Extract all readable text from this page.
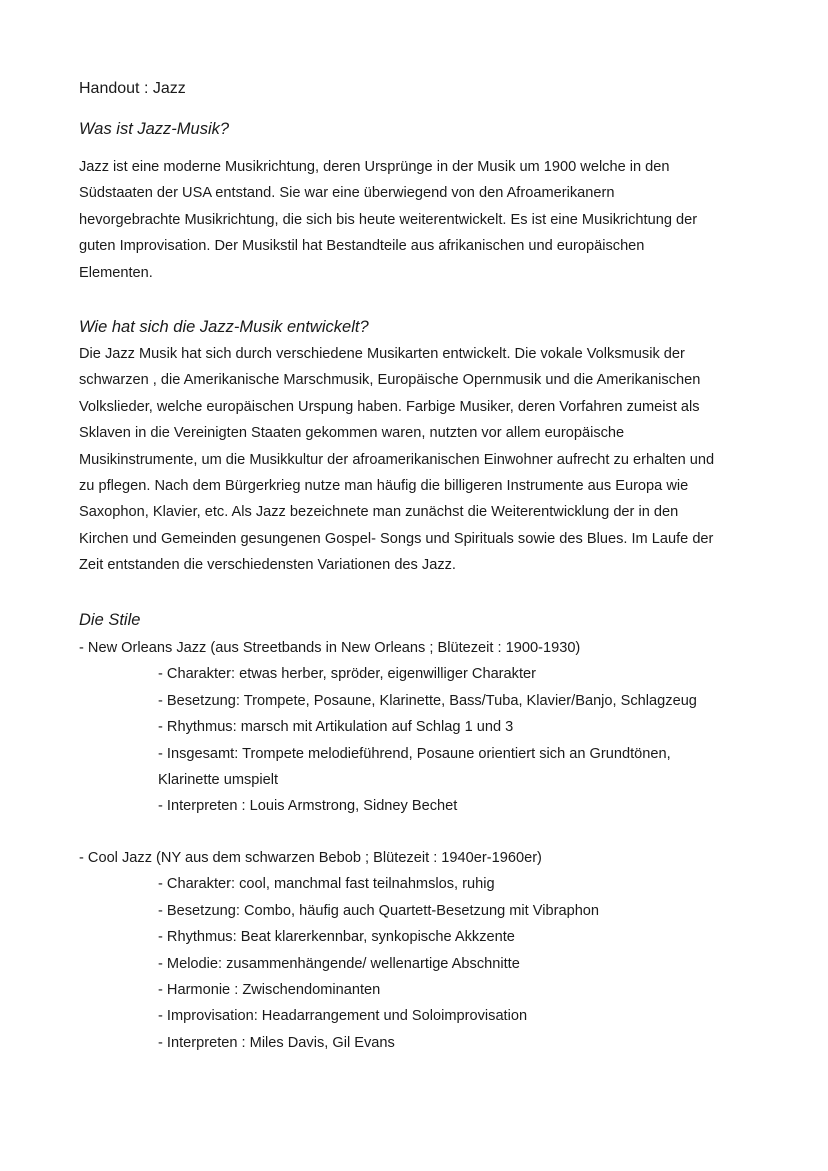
Handout : Jazz
Was ist Jazz-Musik?
Jazz ist eine moderne Musikrichtung, deren Ursprünge in der Musik um 1900 welche in den
Südstaaten der USA entstand. Sie war eine überwiegend von den Afroamerikanern
hevorgebrachte Musikrichtung, die sich bis heute weiterentwickelt. Es ist eine Musikrichtung der
guten Improvisation. Der Musikstil hat Bestandteile aus afrikanischen und europäischen
Elementen.
Wie hat sich die Jazz-Musik entwickelt?
Die Jazz Musik hat sich durch verschiedene Musikarten entwickelt. Die vokale Volksmusik der
schwarzen , die Amerikanische Marschmusik, Europäische Opernmusik und die Amerikanischen
Volkslieder, welche europäischen Urspung haben. Farbige Musiker, deren Vorfahren zumeist als
Sklaven in die Vereinigten Staaten gekommen waren, nutzten vor allem europäische
Musikinstrumente, um die Musikkultur der afroamerikanischen Einwohner aufrecht zu erhalten und
zu pflegen. Nach dem Bürgerkrieg nutze man häufig die billigeren Instrumente aus Europa wie
Saxophon, Klavier, etc. Als Jazz bezeichnete man zunächst die Weiterentwicklung der in den
Kirchen und Gemeinden gesungenen Gospel- Songs und Spirituals sowie des Blues. Im Laufe der
Zeit entstanden die verschiedensten Variationen des Jazz.
Die Stile
- New Orleans Jazz (aus Streetbands in New Orleans ; Blütezeit : 1900-1930)
- Charakter: etwas herber, spröder, eigenwilliger Charakter
- Besetzung: Trompete, Posaune, Klarinette, Bass/Tuba, Klavier/Banjo, Schlagzeug
- Rhythmus: marsch mit Artikulation auf Schlag 1 und 3
- Insgesamt: Trompete melodieführend, Posaune orientiert sich an Grundtönen,
Klarinette umspielt
- Interpreten : Louis Armstrong, Sidney Bechet
- Cool Jazz (NY aus dem schwarzen Bebob ; Blütezeit : 1940er-1960er)
- Charakter: cool, manchmal fast teilnahmslos, ruhig
- Besetzung: Combo, häufig auch Quartett-Besetzung mit Vibraphon
- Rhythmus: Beat klarerkennbar, synkopische Akkzente
- Melodie: zusammenhängende/ wellenartige Abschnitte
- Harmonie : Zwischendominanten
- Improvisation: Headarrangement und Soloimprovisation
- Interpreten : Miles Davis, Gil Evans
